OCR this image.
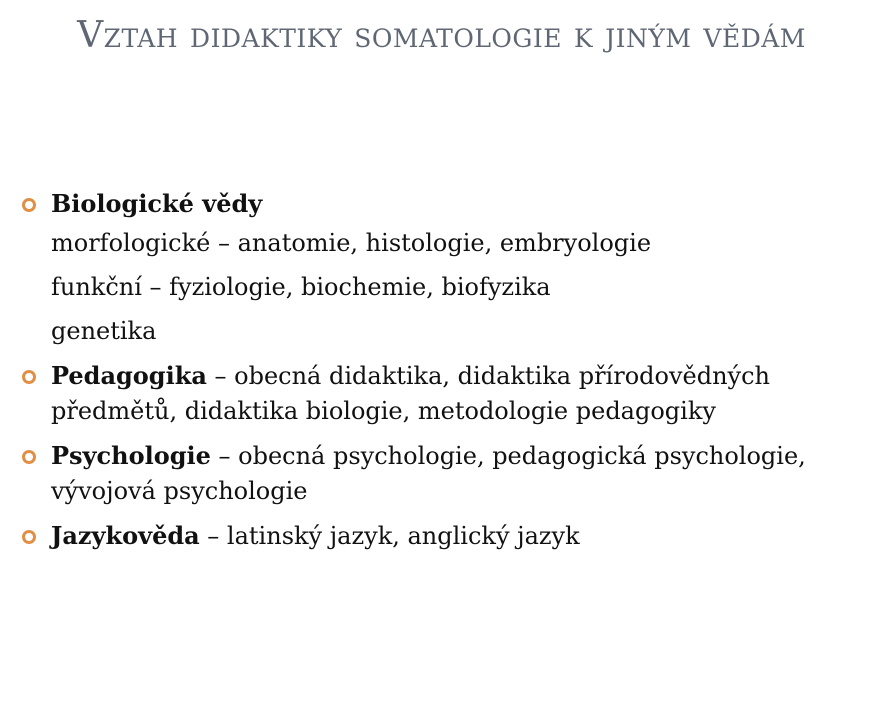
Vztah didaktiky somatologie k jiným vědám
Biologické vědy
morfologické – anatomie, histologie, embryologie
funkční – fyziologie, biochemie, biofyzika
genetika
Pedagogika – obecná didaktika, didaktika přírodovědných předmětů, didaktika biologie, metodologie pedagogiky
Psychologie – obecná psychologie, pedagogická psychologie, vývojová psychologie
Jazykověda – latinský jazyk, anglický jazyk
